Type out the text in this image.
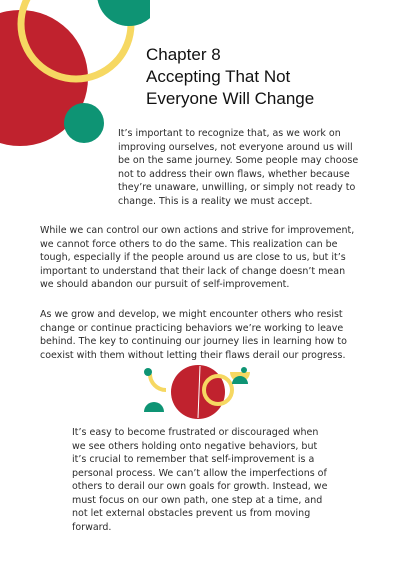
Chapter 8
Accepting That Not
Everyone Will Change

It’s important to recognize that, as we work on improving ourselves, not everyone around us will be on the same journey. Some people may choose not to address their own flaws, whether because they’re unaware, unwilling, or simply not ready to change. This is a reality we must accept.

While we can control our own actions and strive for improvement, we cannot force others to do the same. This realization can be tough, especially if the people around us are close to us, but it’s important to understand that their lack of change doesn’t mean we should abandon our pursuit of self-improvement.

As we grow and develop, we might encounter others who resist change or continue practicing behaviors we’re working to leave behind. The key to continuing our journey lies in learning how to coexist with them without letting their flaws derail our progress.

It’s easy to become frustrated or discouraged when we see others holding onto negative behaviors, but it’s crucial to remember that self-improvement is a personal process. We can’t allow the imperfections of others to derail our own goals for growth. Instead, we must focus on our own path, one step at a time, and not let external obstacles prevent us from moving forward.
